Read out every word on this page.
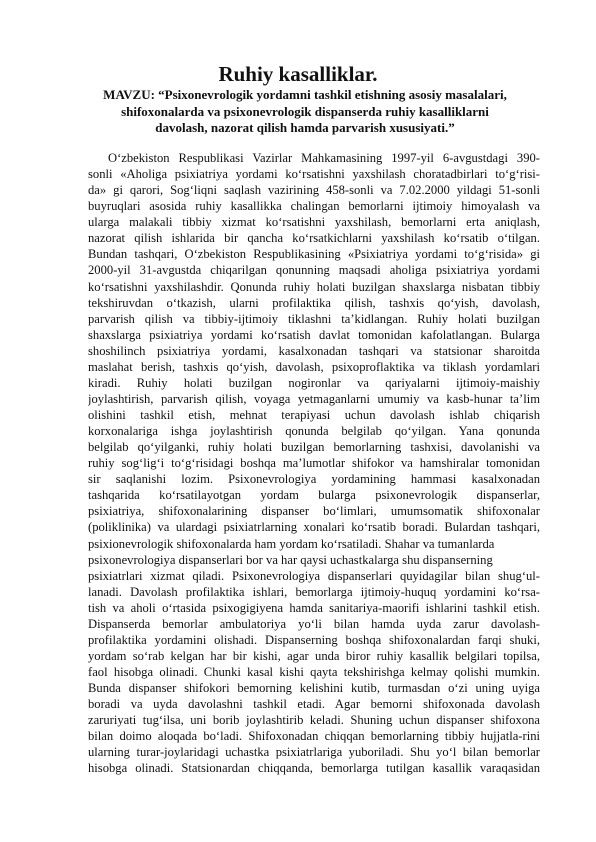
Ruhiy kasalliklar.
MAVZU: “Psixonevrologik yordamni tashkil etishning asosiy masalalari,
shifoxonalarda va psixonevrologik dispanserda ruhiy kasalliklarni
davolash, nazorat qilish hamda parvarish xususiyati.”
O‘zbekiston Respublikasi Vazirlar Mahkamasining 1997-yil 6-avgustdagi 390-
sonli «Aholiga psixiatriya yordami ko‘rsatishni yaxshilash choratadbirlari to‘g‘risi-
da» gi qarori, Sog‘liqni saqlash vazirining 458-sonli va 7.02.2000 yildagi 51-sonli
buyruqlari asosida ruhiy kasallikka chalingan bemorlarni ijtimoiy himoyalash va
ularga malakali tibbiy xizmat ko‘rsatishni yaxshilash, bemorlarni erta aniqlash,
nazorat qilish ishlarida bir qancha ko‘rsatkichlarni yaxshilash ko‘rsatib o‘tilgan.
Bundan tashqari, O‘zbekiston Respublikasining «Psixiatriya yordami to‘g‘risida» gi
2000-yil 31-avgustda chiqarilgan qonunning maqsadi aholiga psixiatriya yordami
ko‘rsatishni yaxshilashdir. Qonunda ruhiy holati buzilgan shaxslarga nisbatan tibbiy
tekshiruvdan o‘tkazish, ularni profilaktika qilish, tashxis qo‘yish, davolash,
parvarish qilish va tibbiy-ijtimoiy tiklashni ta’kidlangan. Ruhiy holati buzilgan
shaxslarga psixiatriya yordami ko‘rsatish davlat tomonidan kafolatlangan. Bularga
shoshilinch psixiatriya yordami, kasalxonadan tashqari va statsionar sharoitda
maslahat berish, tashxis qo‘yish, davolash, psixoproflaktika va tiklash yordamlari
kiradi. Ruhiy holati buzilgan nogironlar va qariyalarni ijtimoiy-maishiy
joylashtirish, parvarish qilish, voyaga yetmaganlarni umumiy va kasb-hunar ta’lim
olishini tashkil etish, mehnat terapiyasi uchun davolash ishlab chiqarish
korxonalariga ishga joylashtirish qonunda belgilab qo‘yilgan. Yana qonunda
belgilab qo‘yilganki, ruhiy holati buzilgan bemorlarning tashxisi, davolanishi va
ruhiy sog‘lig‘i to‘g‘risidagi boshqa ma’lumotlar shifokor va hamshiralar tomonidan
sir saqlanishi lozim. Psixonevrologiya yordamining hammasi kasalxonadan
tashqarida ko‘rsatilayotgan yordam bularga psixonevrologik dispanserlar,
psixiatriya, shifoxonalarining dispanser bo‘limlari, umumsomatik shifoxonalar
(poliklinika) va ulardagi psixiatrlarning xonalari ko‘rsatib boradi. Bulardan tashqari,
psixionevrologik shifoxonalarda ham yordam ko‘rsatiladi. Shahar va tumanlarda
psixonevrologiya dispanserlari bor va har qaysi uchastkalarga shu dispanserning
psixiatrlari xizmat qiladi. Psixonevrologiya dispanserlari quyidagilar bilan shug‘ul-
lanadi. Davolash profilaktika ishlari, bemorlarga ijtimoiy-huquq yordamini ko‘rsa-
tish va aholi o‘rtasida psixogigiyena hamda sanitariya-maorifi ishlarini tashkil etish.
Dispanserda bemorlar ambulatoriya yo‘li bilan hamda uyda zarur davolash-
profilaktika yordamini olishadi. Dispanserning boshqa shifoxonalardan farqi shuki,
yordam so‘rab kelgan har bir kishi, agar unda biror ruhiy kasallik belgilari topilsa,
faol hisobga olinadi. Chunki kasal kishi qayta tekshirishga kelmay qolishi mumkin.
Bunda dispanser shifokori bemorning kelishini kutib, turmasdan o‘zi uning uyiga
boradi va uyda davolashni tashkil etadi. Agar bemorni shifoxonada davolash
zaruriyati tug‘ilsa, uni borib joylashtirib keladi. Shuning uchun dispanser shifoxona
bilan doimo aloqada bo‘ladi. Shifoxonadan chiqqan bemorlarning tibbiy hujjatla-rini
ularning turar-joylaridagi uchastka psixiatrlariga yuboriladi. Shu yo‘l bilan bemorlar
hisobga olinadi. Statsionardan chiqqanda, bemorlarga tutilgan kasallik varaqasidan
